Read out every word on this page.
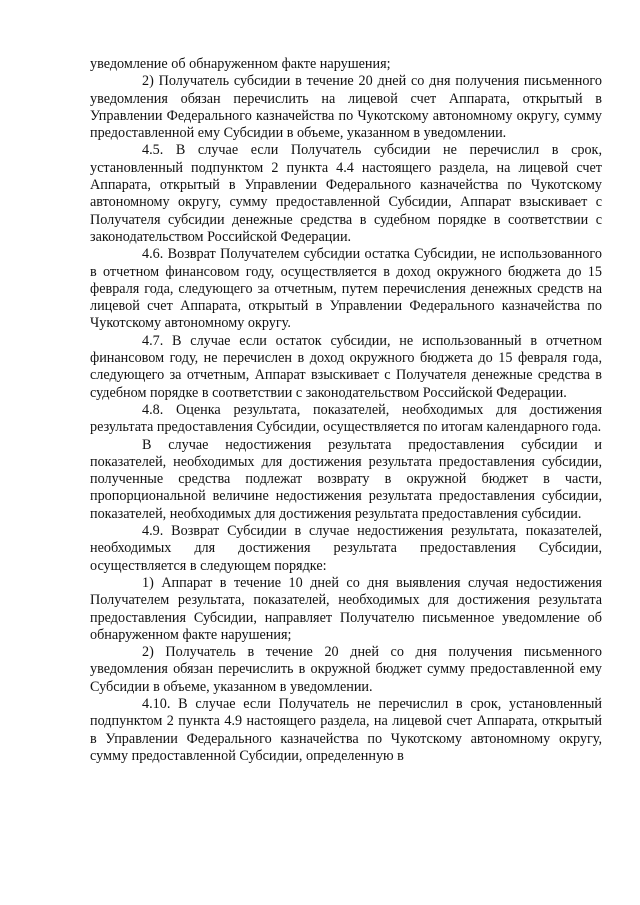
уведомление об обнаруженном факте нарушения;

2) Получатель субсидии в течение 20 дней со дня получения письменного уведомления обязан перечислить на лицевой счет Аппарата, открытый в Управлении Федерального казначейства по Чукотскому автономному округу, сумму предоставленной ему Субсидии в объеме, указанном в уведомлении.

4.5. В случае если Получатель субсидии не перечислил в срок, установленный подпунктом 2 пункта 4.4 настоящего раздела, на лицевой счет Аппарата, открытый в Управлении Федерального казначейства по Чукотскому автономному округу, сумму предоставленной Субсидии, Аппарат взыскивает с Получателя субсидии денежные средства в судебном порядке в соответствии с законодательством Российской Федерации.

4.6. Возврат Получателем субсидии остатка Субсидии, не использованного в отчетном финансовом году, осуществляется в доход окружного бюджета до 15 февраля года, следующего за отчетным, путем перечисления денежных средств на лицевой счет Аппарата, открытый в Управлении Федерального казначейства по Чукотскому автономному округу.

4.7. В случае если остаток субсидии, не использованный в отчетном финансовом году, не перечислен в доход окружного бюджета до 15 февраля года, следующего за отчетным, Аппарат взыскивает с Получателя денежные средства в судебном порядке в соответствии с законодательством Российской Федерации.

4.8. Оценка результата, показателей, необходимых для достижения результата предоставления Субсидии, осуществляется по итогам календарного года.

В случае недостижения результата предоставления субсидии и показателей, необходимых для достижения результата предоставления субсидии, полученные средства подлежат возврату в окружной бюджет в части, пропорциональной величине недостижения результата предоставления субсидии, показателей, необходимых для достижения результата предоставления субсидии.

4.9. Возврат Субсидии в случае недостижения результата, показателей, необходимых для достижения результата предоставления Субсидии, осуществляется в следующем порядке:

1) Аппарат в течение 10 дней со дня выявления случая недостижения Получателем результата, показателей, необходимых для достижения результата предоставления Субсидии, направляет Получателю письменное уведомление об обнаруженном факте нарушения;

2) Получатель в течение 20 дней со дня получения письменного уведомления обязан перечислить в окружной бюджет сумму предоставленной ему Субсидии в объеме, указанном в уведомлении.

4.10. В случае если Получатель не перечислил в срок, установленный подпунктом 2 пункта 4.9 настоящего раздела, на лицевой счет Аппарата, открытый в Управлении Федерального казначейства по Чукотскому автономному округу, сумму предоставленной Субсидии, определенную в
